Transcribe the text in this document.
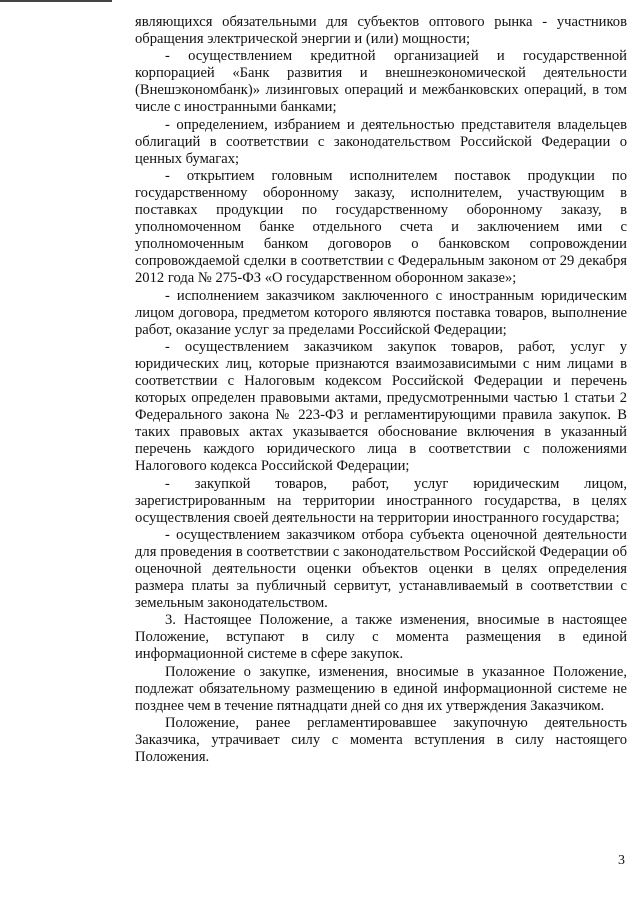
являющихся обязательными для субъектов оптового рынка - участников обращения электрической энергии и (или) мощности;

- осуществлением кредитной организацией и государственной корпорацией «Банк развития и внешнеэкономической деятельности (Внешэкономбанк)» лизинговых операций и межбанковских операций, в том числе с иностранными банками;

- определением, избранием и деятельностью представителя владельцев облигаций в соответствии с законодательством Российской Федерации о ценных бумагах;

- открытием головным исполнителем поставок продукции по государственному оборонному заказу, исполнителем, участвующим в поставках продукции по государственному оборонному заказу, в уполномоченном банке отдельного счета и заключением ими с уполномоченным банком договоров о банковском сопровождении сопровождаемой сделки в соответствии с Федеральным законом от 29 декабря 2012 года № 275-ФЗ «О государственном оборонном заказе»;

- исполнением заказчиком заключенного с иностранным юридическим лицом договора, предметом которого являются поставка товаров, выполнение работ, оказание услуг за пределами Российской Федерации;

- осуществлением заказчиком закупок товаров, работ, услуг у юридических лиц, которые признаются взаимозависимыми с ним лицами в соответствии с Налоговым кодексом Российской Федерации и перечень которых определен правовыми актами, предусмотренными частью 1 статьи 2 Федерального закона № 223-ФЗ и регламентирующими правила закупок. В таких правовых актах указывается обоснование включения в указанный перечень каждого юридического лица в соответствии с положениями Налогового кодекса Российской Федерации;

- закупкой товаров, работ, услуг юридическим лицом, зарегистрированным на территории иностранного государства, в целях осуществления своей деятельности на территории иностранного государства;

- осуществлением заказчиком отбора субъекта оценочной деятельности для проведения в соответствии с законодательством Российской Федерации об оценочной деятельности оценки объектов оценки в целях определения размера платы за публичный сервитут, устанавливаемый в соответствии с земельным законодательством.

3. Настоящее Положение, а также изменения, вносимые в настоящее Положение, вступают в силу с момента размещения в единой информационной системе в сфере закупок.

Положение о закупке, изменения, вносимые в указанное Положение, подлежат обязательному размещению в единой информационной системе не позднее чем в течение пятнадцати дней со дня их утверждения Заказчиком.

Положение, ранее регламентировавшее закупочную деятельность Заказчика, утрачивает силу с момента вступления в силу настоящего Положения.

3
